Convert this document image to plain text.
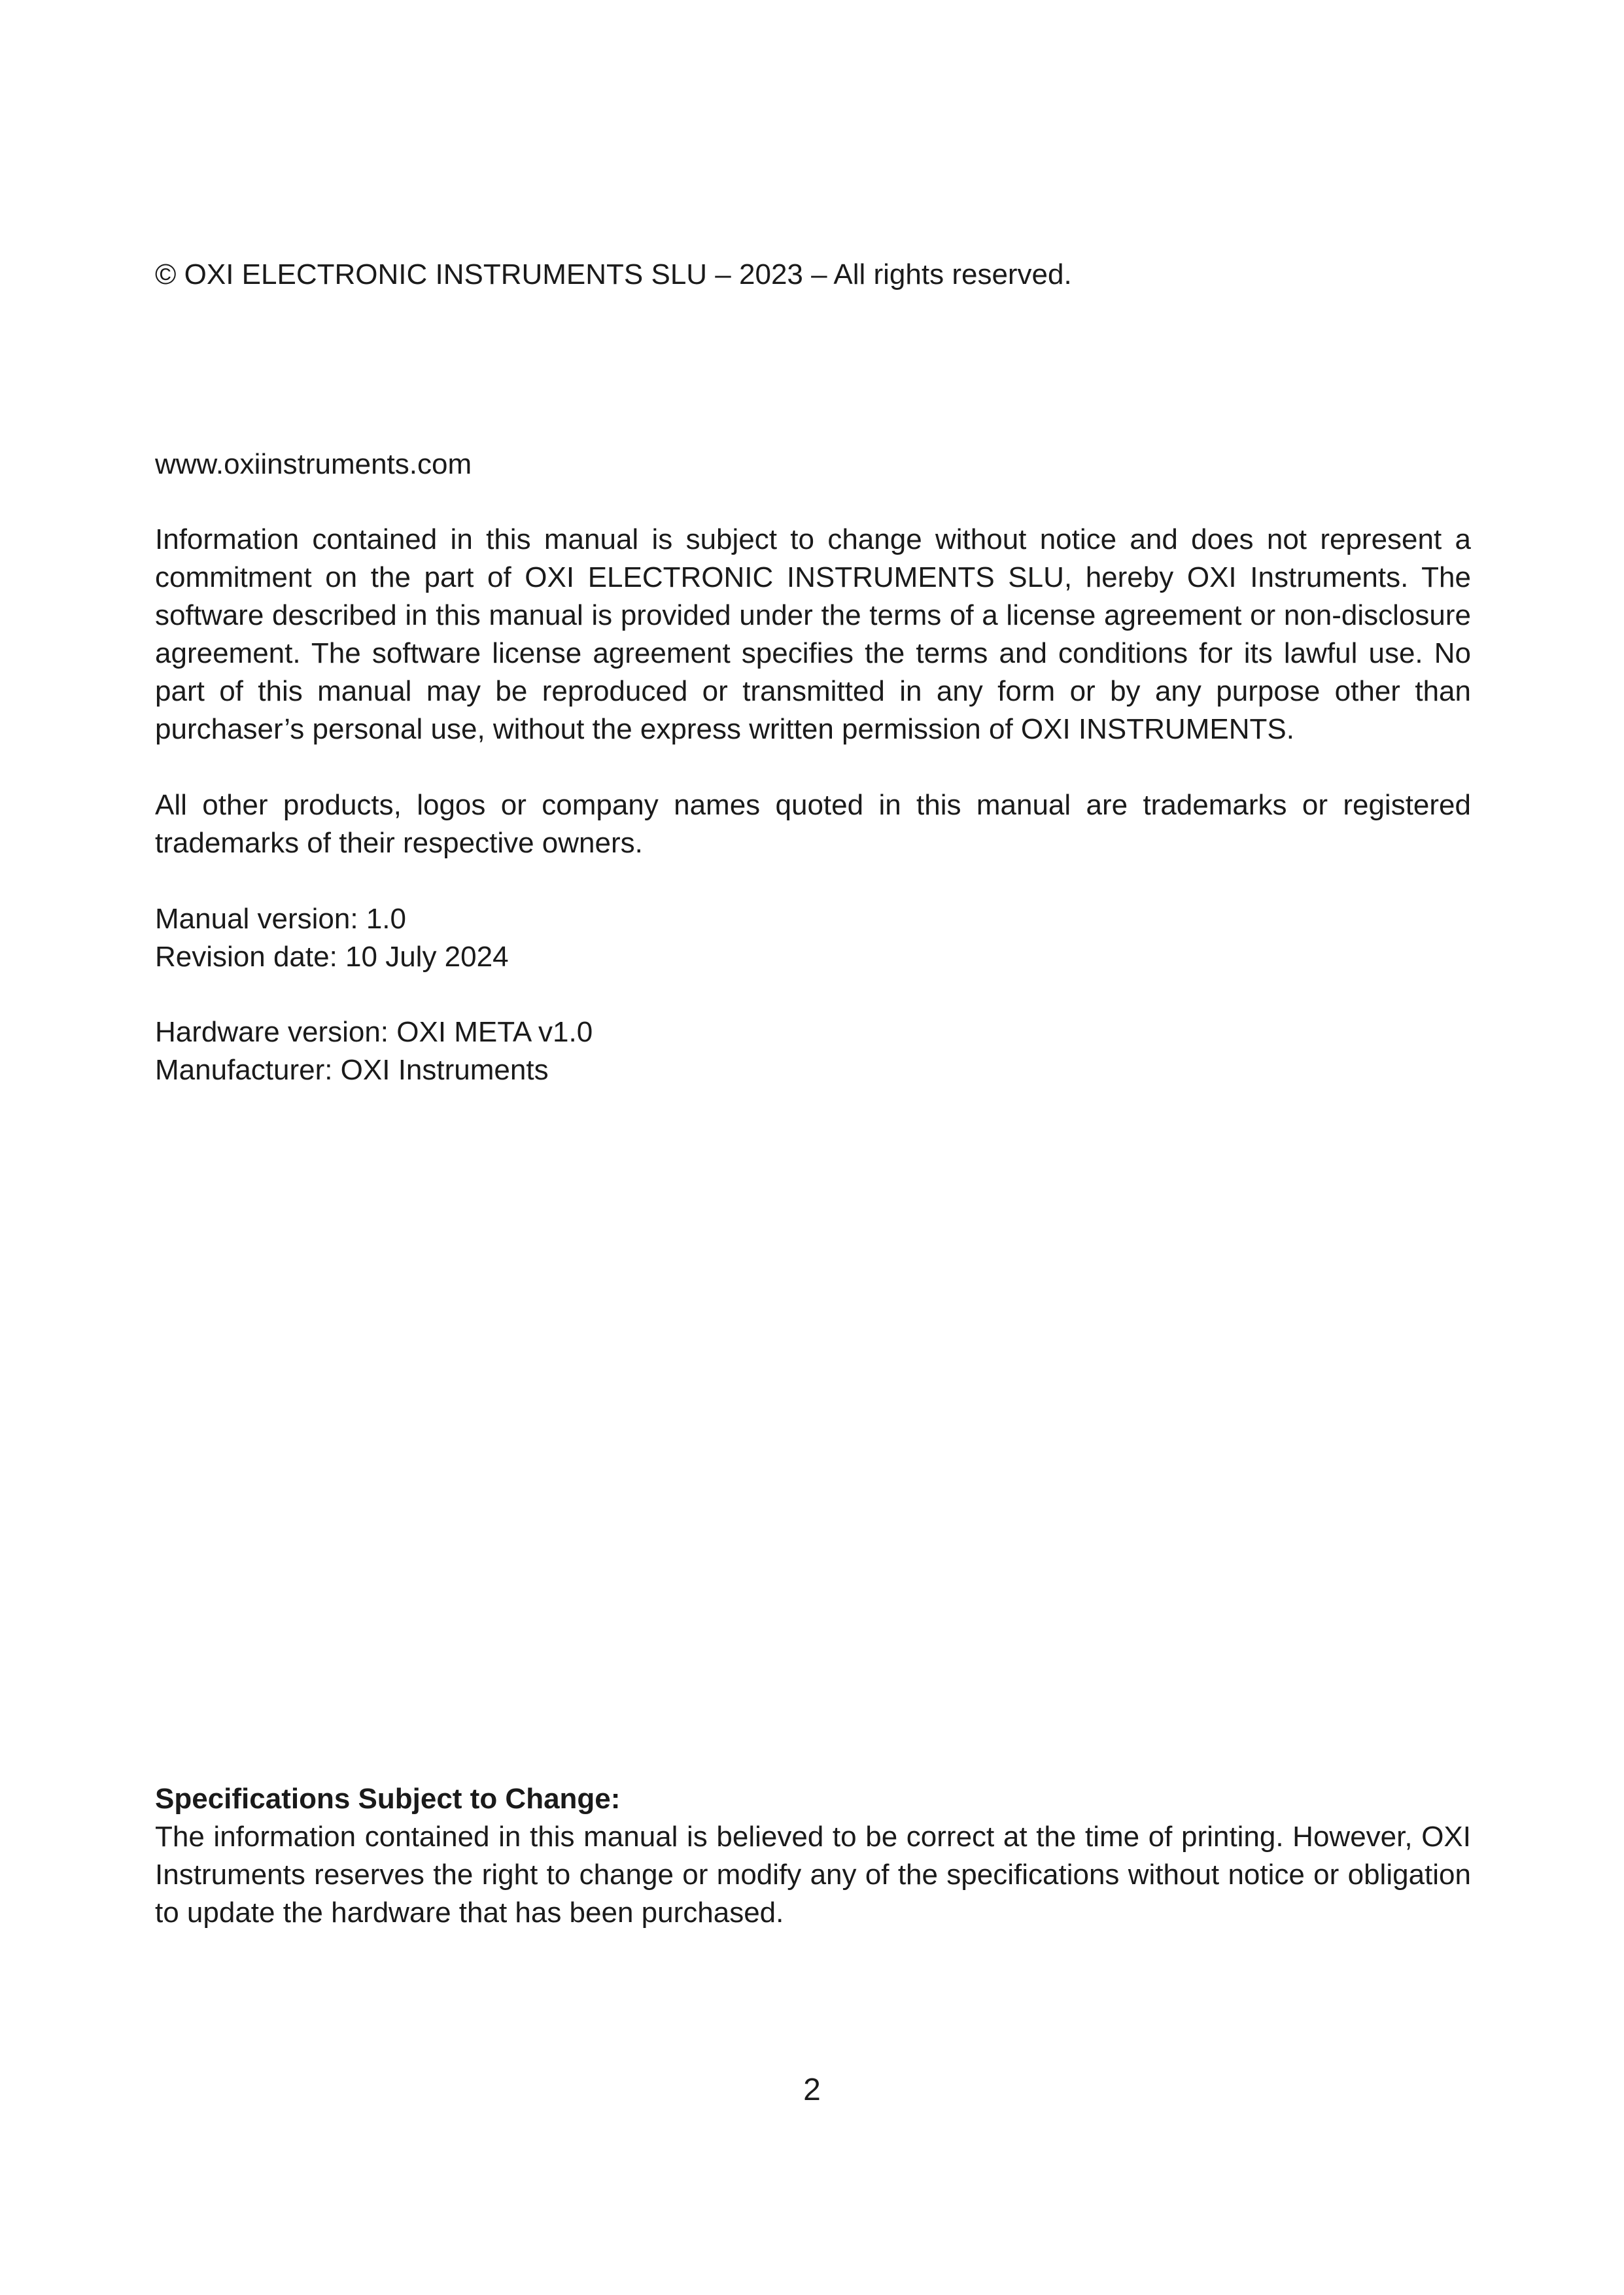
© OXI ELECTRONIC INSTRUMENTS SLU – 2023 – All rights reserved.
www.oxiinstruments.com
Information contained in this manual is subject to change without notice and does not represent a commitment on the part of OXI ELECTRONIC INSTRUMENTS SLU, hereby OXI Instruments. The software described in this manual is provided under the terms of a license agreement or non-disclosure agreement. The software license agreement specifies the terms and conditions for its lawful use. No part of this manual may be reproduced or transmitted in any form or by any purpose other than purchaser’s personal use, without the express written permission of OXI INSTRUMENTS.
All other products, logos or company names quoted in this manual are trademarks or registered trademarks of their respective owners.
Manual version: 1.0
Revision date: 10 July 2024
Hardware version: OXI META v1.0
Manufacturer: OXI Instruments
Specifications Subject to Change:
The information contained in this manual is believed to be correct at the time of printing. However, OXI Instruments reserves the right to change or modify any of the specifications without notice or obligation to update the hardware that has been purchased.
2
